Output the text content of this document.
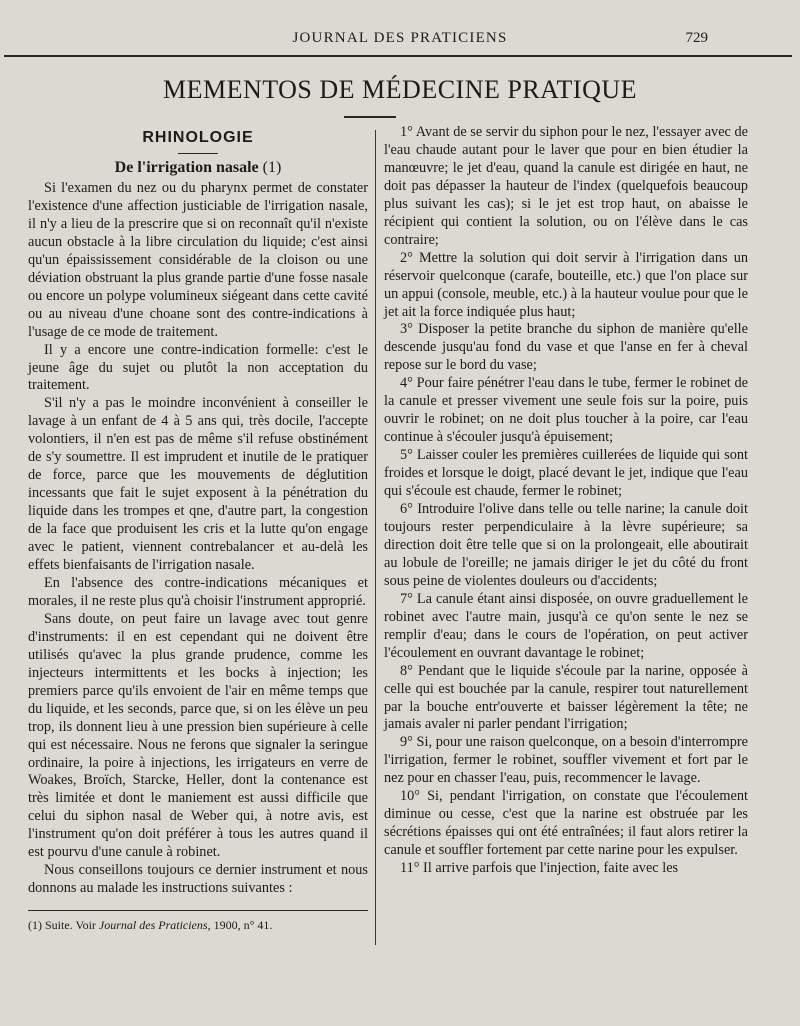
JOURNAL DES PRATICIENS	729
MEMENTOS DE MÉDECINE PRATIQUE
RHINOLOGIE
De l'irrigation nasale (1)

Si l'examen du nez ou du pharynx permet de constater l'existence d'une affection justiciable de l'irrigation nasale, il n'y a lieu de la prescrire que si on reconnaît qu'il n'existe aucun obstacle à la libre circulation du liquide; c'est ainsi qu'un épaississement considérable de la cloison ou une déviation obstruant la plus grande partie d'une fosse nasale ou encore un polype volumineux siégeant dans cette cavité ou au niveau d'une choane sont des contre-indications à l'usage de ce mode de traitement.

Il y a encore une contre-indication formelle: c'est le jeune âge du sujet ou plutôt la non acceptation du traitement.

S'il n'y a pas le moindre inconvénient à conseiller le lavage à un enfant de 4 à 5 ans qui, très docile, l'accepte volontiers, il n'en est pas de même s'il refuse obstinément de s'y soumettre. Il est imprudent et inutile de le pratiquer de force, parce que les mouvements de déglutition incessants que fait le sujet exposent à la pénétration du liquide dans les trompes et qne, d'autre part, la congestion de la face que produisent les cris et la lutte qu'on engage avec le patient, viennent contrebalancer et au-delà les effets bienfaisants de l'irrigation nasale.

En l'absence des contre-indications mécaniques et morales, il ne reste plus qu'à choisir l'instrument approprié.

Sans doute, on peut faire un lavage avec tout genre d'instruments: il en est cependant qui ne doivent être utilisés qu'avec la plus grande prudence, comme les injecteurs intermittents et les bocks à injection; les premiers parce qu'ils envoient de l'air en même temps que du liquide, et les seconds, parce que, si on les élève un peu trop, ils donnent lieu à une pression bien supérieure à celle qui est nécessaire. Nous ne ferons que signaler la seringue ordinaire, la poire à injections, les irrigateurs en verre de Woakes, Broïch, Starcke, Heller, dont la contenance est très limitée et dont le maniement est aussi difficile que celui du siphon nasal de Weber qui, à notre avis, est l'instrument qu'on doit préférer à tous les autres quand il est pourvu d'une canule à robinet.

Nous conseillons toujours ce dernier instrument et nous donnons au malade les instructions suivantes :

(1) Suite. Voir Journal des Praticiens, 1900, n° 41.

1° Avant de se servir du siphon pour le nez, l'essayer avec de l'eau chaude autant pour le laver que pour en bien étudier la manœuvre; le jet d'eau, quand la canule est dirigée en haut, ne doit pas dépasser la hauteur de l'index (quelquefois beaucoup plus suivant les cas); si le jet est trop haut, on abaisse le récipient qui contient la solution, ou on l'élève dans le cas contraire;

2° Mettre la solution qui doit servir à l'irrigation dans un réservoir quelconque (carafe, bouteille, etc.) que l'on place sur un appui (console, meuble, etc.) à la hauteur voulue pour que le jet ait la force indiquée plus haut;

3° Disposer la petite branche du siphon de manière qu'elle descende jusqu'au fond du vase et que l'anse en fer à cheval repose sur le bord du vase;

4° Pour faire pénétrer l'eau dans le tube, fermer le robinet de la canule et presser vivement une seule fois sur la poire, puis ouvrir le robinet; on ne doit plus toucher à la poire, car l'eau continue à s'écouler jusqu'à épuisement;

5° Laisser couler les premières cuillerées de liquide qui sont froides et lorsque le doigt, placé devant le jet, indique que l'eau qui s'écoule est chaude, fermer le robinet;

6° Introduire l'olive dans telle ou telle narine; la canule doit toujours rester perpendiculaire à la lèvre supérieure; sa direction doit être telle que si on la prolongeait, elle aboutirait au lobule de l'oreille; ne jamais diriger le jet du côté du front sous peine de violentes douleurs ou d'accidents;

7° La canule étant ainsi disposée, on ouvre graduellement le robinet avec l'autre main, jusqu'à ce qu'on sente le nez se remplir d'eau; dans le cours de l'opération, on peut activer l'écoulement en ouvrant davantage le robinet;

8° Pendant que le liquide s'écoule par la narine, opposée à celle qui est bouchée par la canule, respirer tout naturellement par la bouche entr'ouverte et baisser légèrement la tête; ne jamais avaler ni parler pendant l'irrigation;

9° Si, pour une raison quelconque, on a besoin d'interrompre l'irrigation, fermer le robinet, souffler vivement et fort par le nez pour en chasser l'eau, puis, recommencer le lavage.

10° Si, pendant l'irrigation, on constate que l'écoulement diminue ou cesse, c'est que la narine est obstruée par les sécrétions épaisses qui ont été entraînées; il faut alors retirer la canule et souffler fortement par cette narine pour les expulser.

11° Il arrive parfois que l'injection, faite avec les
